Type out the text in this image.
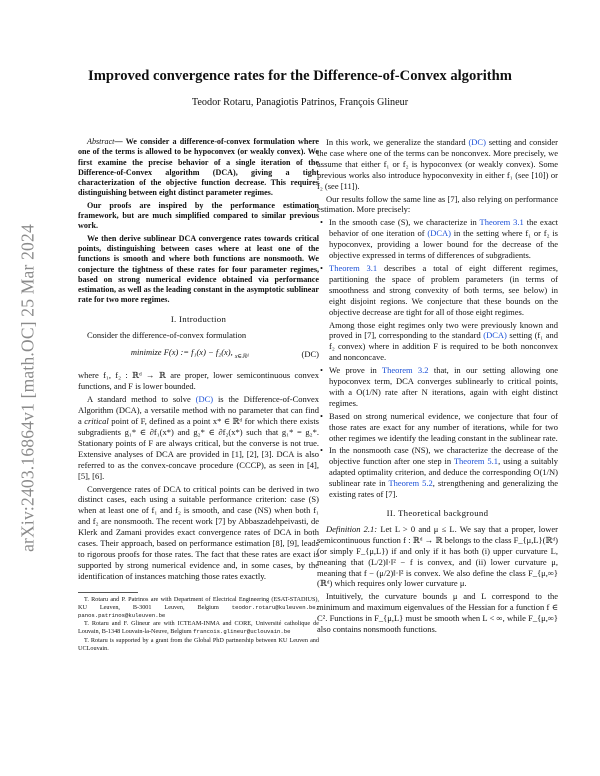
arXiv:2403.16864v1 [math.OC] 25 Mar 2024
Improved convergence rates for the Difference-of-Convex algorithm
Teodor Rotaru, Panagiotis Patrinos, François Glineur

Abstract— We consider a difference-of-convex formulation where one of the terms is allowed to be hypoconvex (or weakly convex). We first examine the precise behavior of a single iteration of the Difference-of-Convex algorithm (DCA), giving a tight characterization of the objective function decrease. This requires distinguishing between eight distinct parameter regimes.

Our proofs are inspired by the performance estimation framework, but are much simplified compared to similar previous work.

We then derive sublinear DCA convergence rates towards critical points, distinguishing between cases where at least one of the functions is smooth and where both functions are nonsmooth. We conjecture the tightness of these rates for four parameter regimes, based on strong numerical evidence obtained via performance estimation, as well as the leading constant in the asymptotic sublinear rate for two more regimes.

I. Introduction

Consider the difference-of-convex formulation

minimize F(x) := f₁(x) − f₂(x), $_{x\in ℝᵈ}$	(DC)

where f₁, f₂ : ℝᵈ → ℝ are proper, lower semicontinuous convex functions, and F is lower bounded.

A standard method to solve (DC) is the Difference-of-Convex Algorithm (DCA), a versatile method with no parameter that can find a critical point of F, defined as a point x* ∈ ℝᵈ for which there exists subgradients g₁* ∈ ∂f₁(x*) and g₂* ∈ ∂f₂(x*) such that g₁* = g₂*. Stationary points of F are always critical, but the converse is not true. Extensive analyses of DCA are provided in [1], [2], [3]. DCA is also referred to as the convex-concave procedure (CCCP), as seen in [4], [5], [6].

Convergence rates of DCA to critical points can be derived in two distinct cases, each using a suitable performance criterion: case (S) when at least one of f₁ and f₂ is smooth, and case (NS) when both f₁ and f₂ are nonsmooth. The recent work [7] by Abbaszadehpeivasti, de Klerk and Zamani provides exact convergence rates of DCA in both cases. Their approach, based on performance estimation [8], [9], leads to rigorous proofs for those rates. The fact that these rates are exact is supported by strong numerical evidence and, in some cases, by the identification of instances matching those rates exactly.

T. Rotaru and P. Patrinos are with Department of Electrical Engineering (ESAT-STADIUS), KU Leuven, B-3001 Leuven, Belgium teodor.rotaru@kuleuven.be; panos.patrinos@kuleuven.be

T. Rotaru and F. Glineur are with ICTEAM-INMA and CORE, Université catholique de Louvain, B-1348 Louvain-la-Neuve, Belgium francois.glineur@uclouvain.be

T. Rotaru is supported by a grant from the Global PhD partnership between KU Leuven and UCLouvain.

In this work, we generalize the standard (DC) setting and consider the case where one of the terms can be nonconvex. More precisely, we assume that either f₁ or f₂ is hypoconvex (or weakly convex). Some previous works also introduce hypoconvexity in either f₁ (see [10]) or f₂ (see [11]).

Our results follow the same line as [7], also relying on performance estimation. More precisely:

• In the smooth case (S), we characterize in Theorem 3.1 the exact behavior of one iteration of (DCA) in the setting where f₁ or f₂ is hypoconvex, providing a lower bound for the decrease of the objective expressed in terms of differences of subgradients.
• Theorem 3.1 describes a total of eight different regimes, partitioning the space of problem parameters (in terms of smoothness and strong convexity of both terms, see below) in eight disjoint regions. We conjecture that these bounds on the objective decrease are tight for all of those eight regimes.
Among those eight regimes only two were previously known and proved in [7], corresponding to the standard (DCA) setting (f₁ and f₂ convex) where in addition F is required to be both nonconvex and nonconcave.
• We prove in Theorem 3.2 that, in our setting allowing one hypoconvex term, DCA converges sublinearly to critical points, with a O(1/N) rate after N iterations, again with eight distinct regimes.
• Based on strong numerical evidence, we conjecture that four of those rates are exact for any number of iterations, while for two other regimes we identify the leading constant in the sublinear rate.
• In the nonsmooth case (NS), we characterize the decrease of the objective function after one step in Theorem 5.1, using a suitably adapted optimality criterion, and deduce the corresponding O(1/N) sublinear rate in Theorem 5.2, strengthening and generalizing the existing rates of [7].
II. Theoretical background

Definition 2.1: Let L > 0 and μ ≤ L. We say that a proper, lower semicontinuous function f : ℝᵈ → ℝ belongs to the class F_{μ,L}(ℝᵈ) (or simply F_{μ,L}) if and only if it has both (i) upper curvature L, meaning that (L/2)‖·‖² − f is convex, and (ii) lower curvature μ, meaning that f − (μ/2)‖·‖² is convex. We also define the class F_{μ,∞}(ℝᵈ) which requires only lower curvature μ.

Intuitively, the curvature bounds μ and L correspond to the minimum and maximum eigenvalues of the Hessian for a function f ∈ C². Functions in F_{μ,L} must be smooth when L < ∞, while F_{μ,∞} also contains nonsmooth functions.
